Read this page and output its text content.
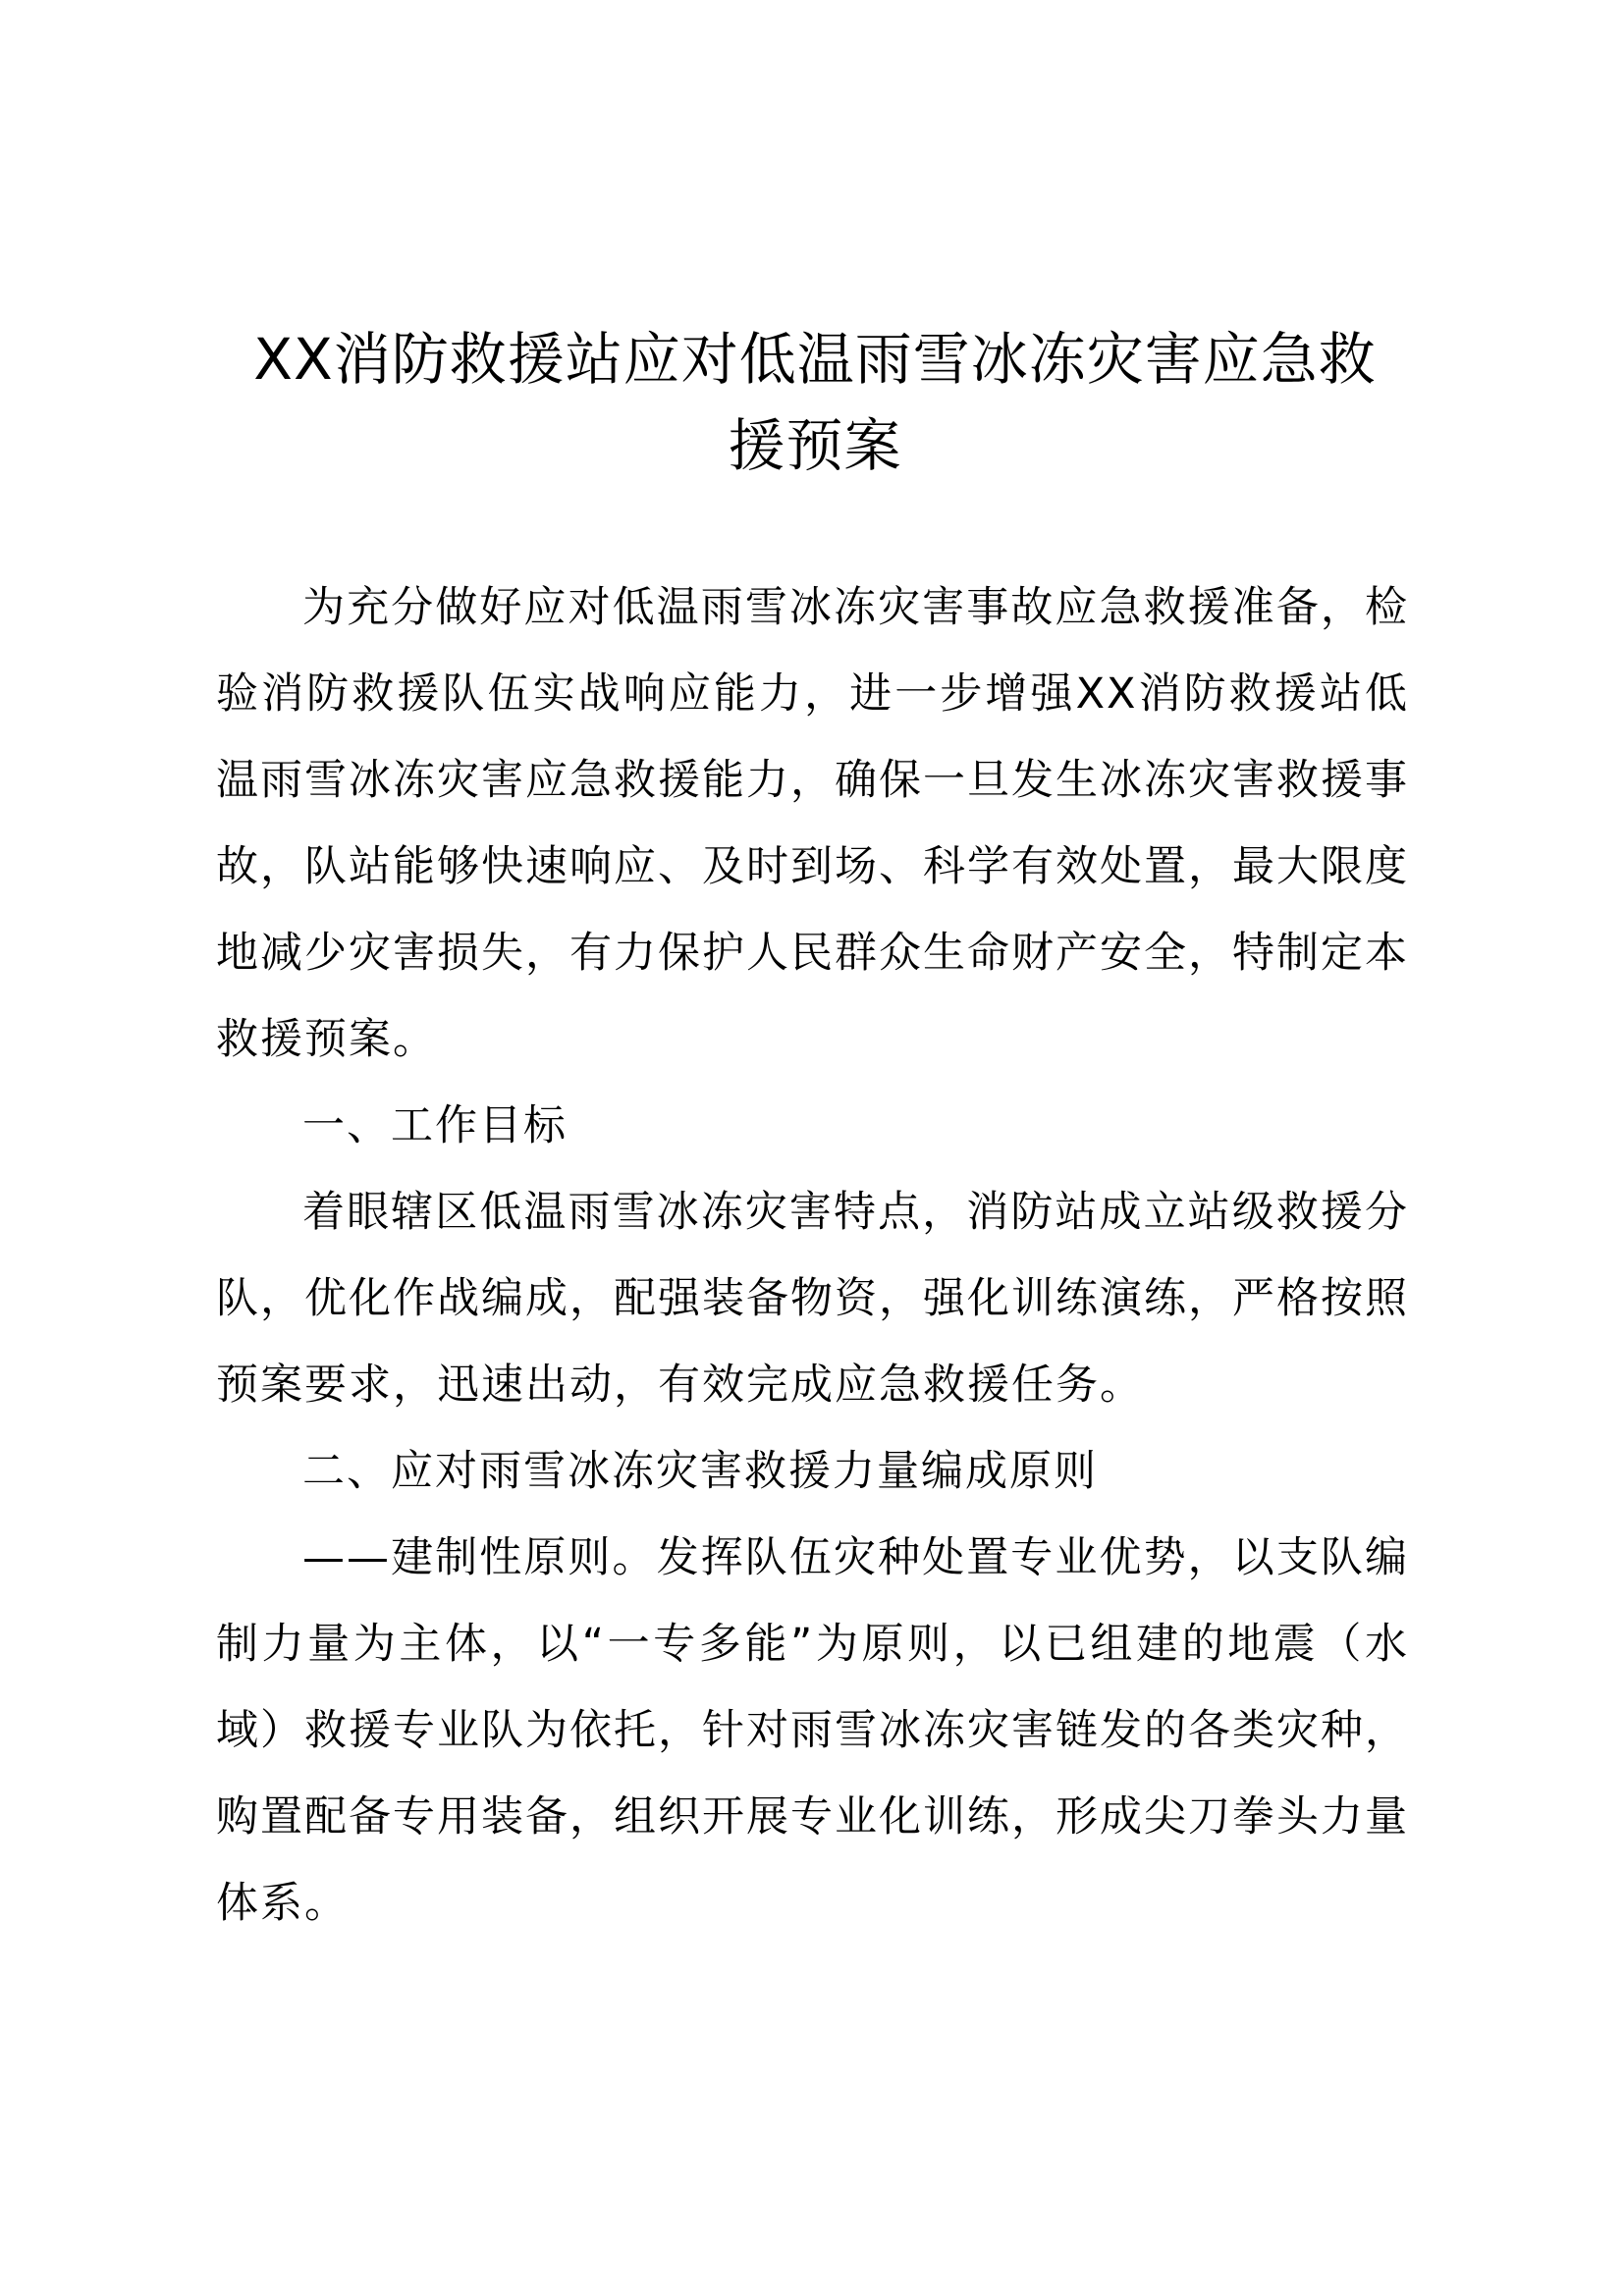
XX消防救援站应对低温雨雪冰冻灾害应急救
援预案

为充分做好应对低温雨雪冰冻灾害事故应急救援准备，检验消防救援队伍实战响应能力，进一步增强XX消防救援站低温雨雪冰冻灾害应急救援能力，确保一旦发生冰冻灾害救援事故，队站能够快速响应、及时到场、科学有效处置，最大限度地减少灾害损失，有力保护人民群众生命财产安全，特制定本救援预案。

一、工作目标

着眼辖区低温雨雪冰冻灾害特点，消防站成立站级救援分队，优化作战编成，配强装备物资，强化训练演练，严格按照预案要求，迅速出动，有效完成应急救援任务。

二、应对雨雪冰冻灾害救援力量编成原则

——建制性原则。发挥队伍灾种处置专业优势，以支队编制力量为主体，以“一专多能”为原则，以已组建的地震（水域）救援专业队为依托，针对雨雪冰冻灾害链发的各类灾种，购置配备专用装备，组织开展专业化训练，形成尖刀拳头力量体系。
